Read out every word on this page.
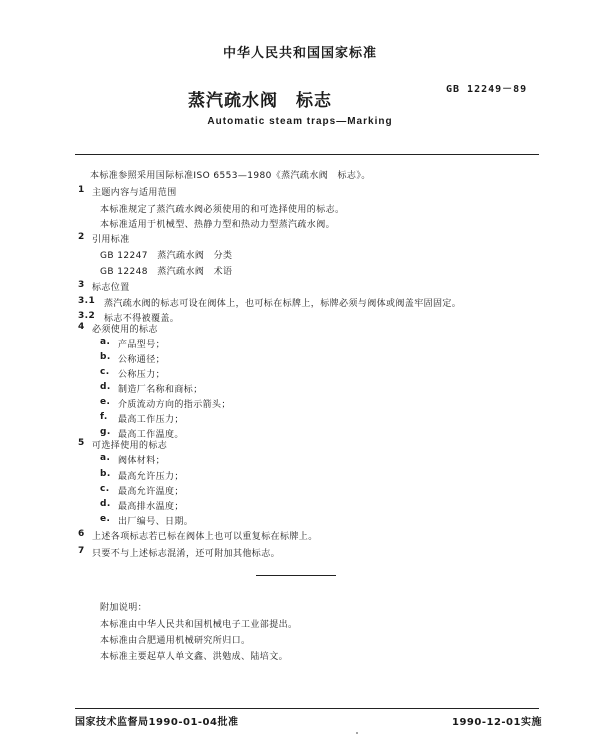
中华人民共和国国家标准
蒸汽疏水阀　标志
GB 12249－89
Automatic steam traps—Marking
本标准参照采用国际标准ISO 6553—1980《蒸汽疏水阀　标志》。
1 主题内容与适用范围
本标准规定了蒸汽疏水阀必须使用的和可选择使用的标志。
本标准适用于机械型、热静力型和热动力型蒸汽疏水阀。
2 引用标准
GB 12247　蒸汽疏水阀　分类
GB 12248　蒸汽疏水阀　术语
3 标志位置
3.1 蒸汽疏水阀的标志可设在阀体上，也可标在标牌上，标牌必须与阀体或阀盖牢固固定。
3.2 标志不得被覆盖。
4 必须使用的标志
a. 产品型号；
b. 公称通径；
c. 公称压力；
d. 制造厂名称和商标；
e. 介质流动方向的指示箭头；
f. 最高工作压力；
g. 最高工作温度。
5 可选择使用的标志
a. 阀体材料；
b. 最高允许压力；
c. 最高允许温度；
d. 最高排水温度；
e. 出厂编号、日期。
附加说明：
本标准由中华人民共和国机械电子工业部提出。
本标准由合肥通用机械研究所归口。
本标准主要起草人单文鑫、洪勉成、陆培文。
国家技术监督局1990-01-04批准	1990-12-01实施
6 上述各项标志若已标在阀体上也可以重复标在标牌上。
7 只要不与上述标志混淆，还可附加其他标志。
